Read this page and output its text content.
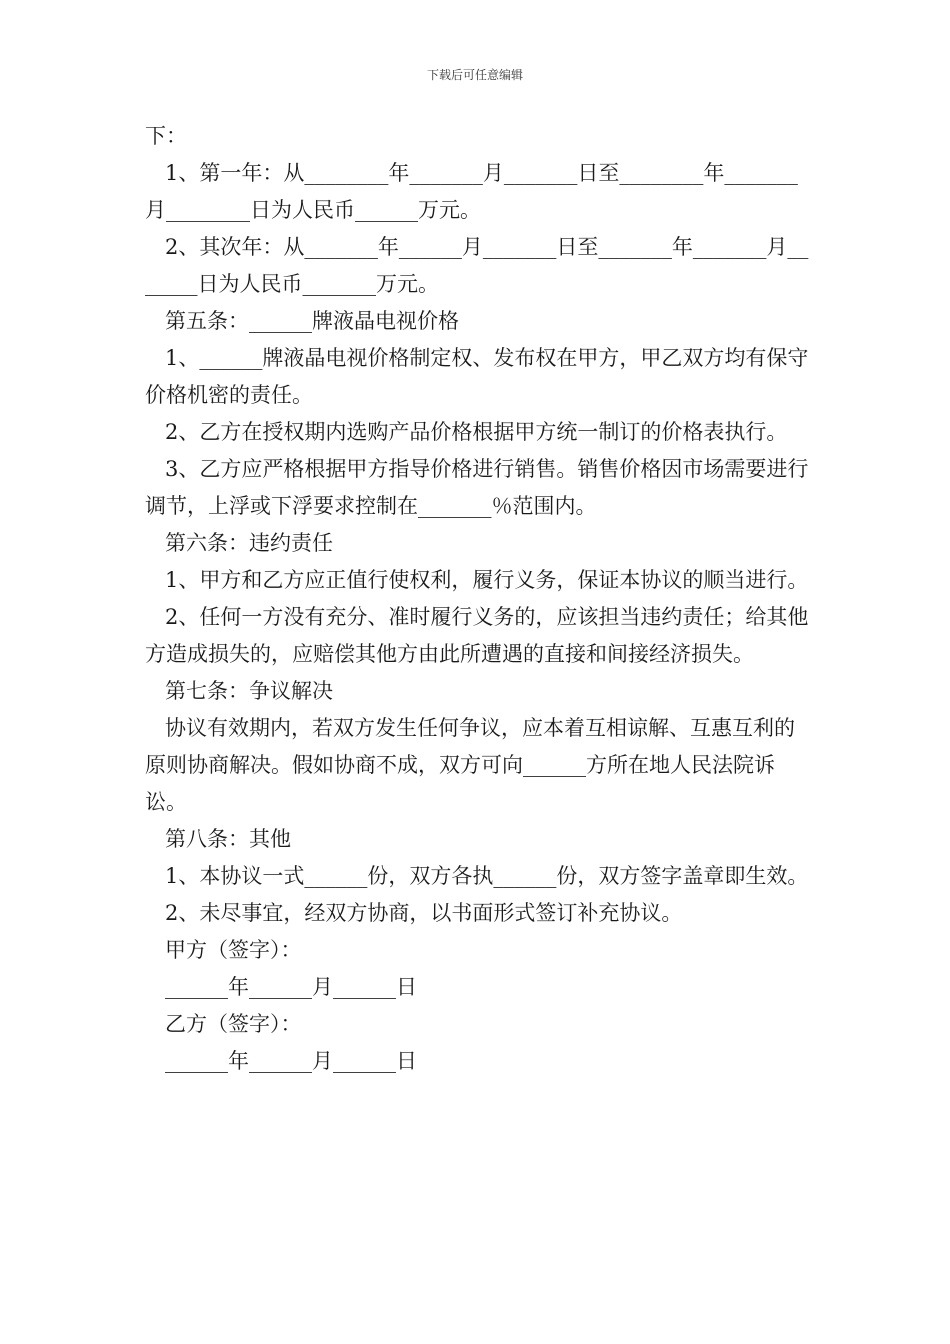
下载后可任意编辑

下：

1、第一年：从________年_______月_______日至________年_______月________日为人民币______万元。

2、其次年：从_______年______月_______日至_______年_______月_______日为人民币_______万元。

第五条：______牌液晶电视价格

1、______牌液晶电视价格制定权、发布权在甲方，甲乙双方均有保守价格机密的责任。

2、乙方在授权期内选购产品价格根据甲方统一制订的价格表执行。

3、乙方应严格根据甲方指导价格进行销售。销售价格因市场需要进行调节，上浮或下浮要求控制在_______％范围内。

第六条：违约责任

1、甲方和乙方应正值行使权利，履行义务，保证本协议的顺当进行。

2、任何一方没有充分、准时履行义务的，应该担当违约责任；给其他方造成损失的，应赔偿其他方由此所遭遇的直接和间接经济损失。

第七条：争议解决

协议有效期内，若双方发生任何争议，应本着互相谅解、互惠互利的原则协商解决。假如协商不成，双方可向______方所在地人民法院诉讼。

第八条：其他

1、本协议一式______份，双方各执______份，双方签字盖章即生效。

2、未尽事宜，经双方协商，以书面形式签订补充协议。

甲方（签字）：

______年______月______日

乙方（签字）：

______年______月______日
